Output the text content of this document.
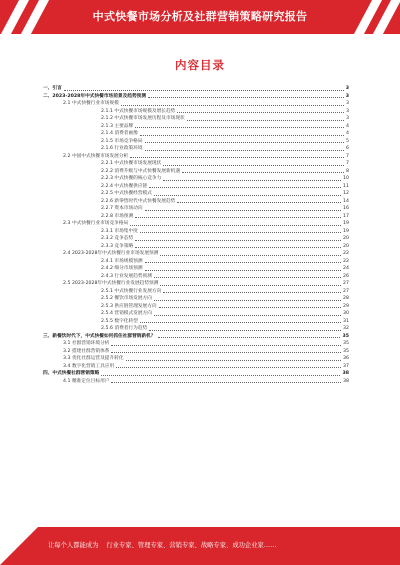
中式快餐市场分析及社群营销策略研究报告
内容目录
一、引言	3
二、2023-2028年中式快餐市场前景及趋势预测	3
2.1 中式快餐行业市场规模	3
2.1.1 中式快餐市场规模及增长趋势	3
2.1.2 中式快餐市场发展历程及市场现状	3
2.1.3 主要品牌	4
2.1.4 消费者画像	4
2.1.5 市场竞争格局	5
2.1.6 行业政策环境	6
2.2 中国中式快餐市场发展分析	7
2.2.1 中式快餐市场发展现状	7
2.2.2 消费升级与中式快餐发展新机遇	8
2.2.3 中式快餐的核心竞争力	10
2.2.4 中式快餐供应链	11
2.2.5 中式快餐经营模式	12
2.2.6 新零售时代中式快餐发展趋势	14
2.2.7 资本市场动向	16
2.2.8 市场预测	17
2.3 中式快餐行业市场竞争格局	19
2.3.1 市场集中度	19
2.3.2 竞争态势	20
2.3.3 竞争策略	20
2.4 2023-2028年中式快餐行业市场发展预测	22
2.4.1 市场规模预测	22
2.4.2 细分市场预测	24
2.4.3 行业发展趋势预测	26
2.5 2023-2028年中式快餐行业发展趋势预测	27
2.5.1 中式快餐行业发展方向	27
2.5.2 餐饮市场发展方向	28
2.5.3 供应链管理发展方向	29
2.5.4 营销模式发展方向	30
2.5.5 数字化转型	31
2.5.6 消费者行为趋势	32
三、新餐饮时代下，中式快餐如何抓住社群营销新机？	35
3.1 社群营销环境分析	35
3.2 搭建社群营销体系	35
3.3 优化社群运营及提升转化	36
3.4 数字化营销工具应用	37
四、中式快餐社群营销策略	38
4.1 精准定位目标用户	38
让每个人都能成为 行业专家、管理专家、营销专家、战略专家、成功企业家……
